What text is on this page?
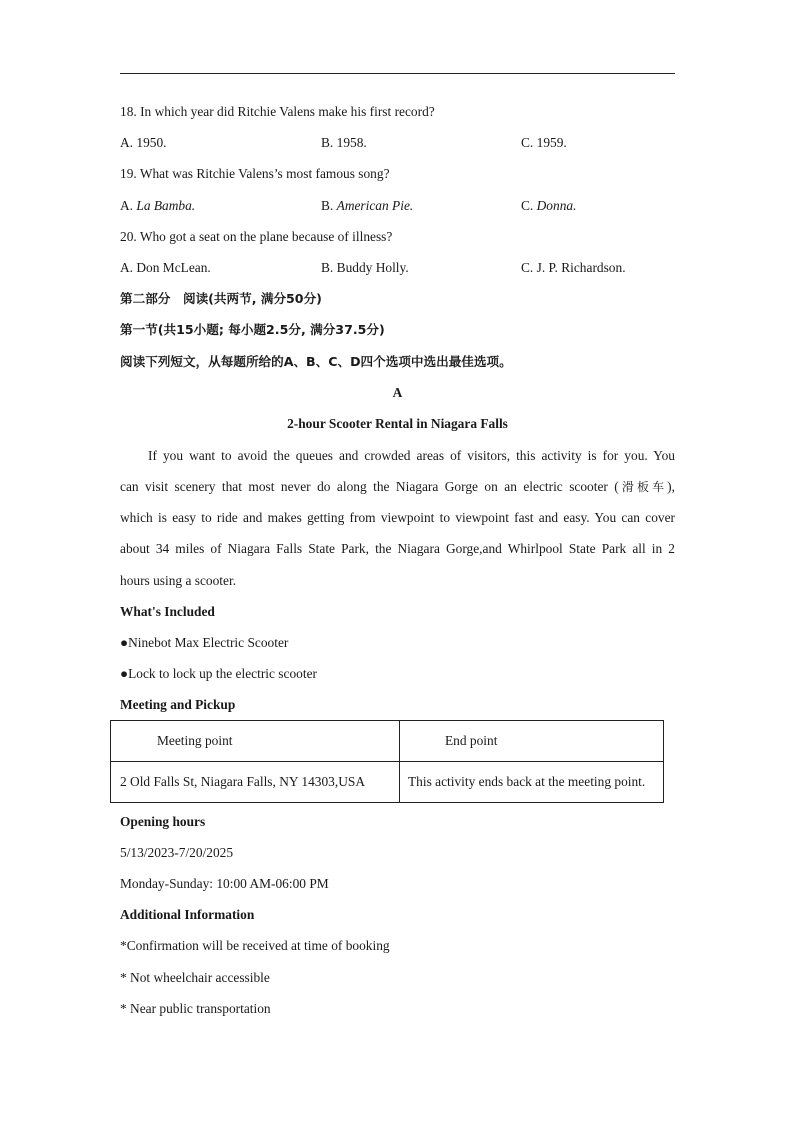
18. In which year did Ritchie Valens make his first record?
A. 1950.	B. 1958.	C. 1959.
19. What was Ritchie Valens’s most famous song?
A. La Bamba.	B. American Pie.	C. Donna.
20. Who got a seat on the plane because of illness?
A. Don McLean.	B. Buddy Holly.	C. J. P. Richardson.
第二部分　阅读(共两节, 满分50分)
第一节(共15小题; 每小题2.5分, 满分37.5分)
阅读下列短文，从每题所给的A、B、C、D四个选项中选出最佳选项。
A
2-hour Scooter Rental in Niagara Falls
If you want to avoid the queues and crowded areas of visitors, this activity is for you. You
can visit scenery that most never do along the Niagara Gorge on an electric scooter (滑板车),
which is easy to ride and makes getting from viewpoint to viewpoint fast and easy. You can cover
about 34 miles of Niagara Falls State Park, the Niagara Gorge,and Whirlpool State Park all in 2
hours using a scooter.
What's Included
●Ninebot Max Electric Scooter
●Lock to lock up the electric scooter
Meeting and Pickup
Meeting point	End point
2 Old Falls St, Niagara Falls, NY 14303,USA	This activity ends back at the meeting point.
Opening hours
5/13/2023-7/20/2025
Monday-Sunday: 10:00 AM-06:00 PM
Additional Information
*Confirmation will be received at time of booking
* Not wheelchair accessible
* Near public transportation
